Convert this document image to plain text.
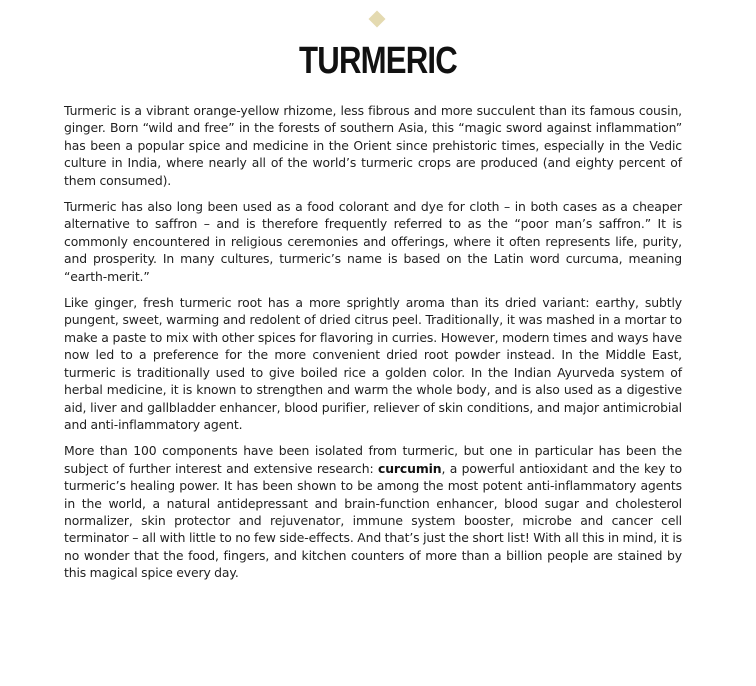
TURMERIC

Turmeric is a vibrant orange-yellow rhizome, less fibrous and more succulent than its famous cousin, ginger. Born “wild and free” in the forests of southern Asia, this “magic sword against inflammation” has been a popular spice and medicine in the Orient since prehistoric times, especially in the Vedic culture in India, where nearly all of the world’s turmeric crops are produced (and eighty percent of them consumed).

Turmeric has also long been used as a food colorant and dye for cloth – in both cases as a cheaper alternative to saffron – and is therefore frequently referred to as the “poor man’s saffron.” It is commonly encountered in religious ceremonies and offerings, where it often represents life, purity, and prosperity. In many cultures, turmeric’s name is based on the Latin word curcuma, meaning “earth-merit.”

Like ginger, fresh turmeric root has a more sprightly aroma than its dried variant: earthy, subtly pungent, sweet, warming and redolent of dried citrus peel. Traditionally, it was mashed in a mortar to make a paste to mix with other spices for flavoring in curries. However, modern times and ways have now led to a preference for the more convenient dried root powder instead. In the Middle East, turmeric is traditionally used to give boiled rice a golden color. In the Indian Ayurveda system of herbal medicine, it is known to strengthen and warm the whole body, and is also used as a digestive aid, liver and gallbladder enhancer, blood purifier, reliever of skin conditions, and major antimicrobial and anti-inflammatory agent.

More than 100 components have been isolated from turmeric, but one in particular has been the subject of further interest and extensive research: curcumin, a powerful antioxidant and the key to turmeric’s healing power. It has been shown to be among the most potent anti-inflammatory agents in the world, a natural antidepressant and brain-function enhancer, blood sugar and cholesterol normalizer, skin protector and rejuvenator, immune system booster, microbe and cancer cell terminator – all with little to no few side-effects. And that’s just the short list! With all this in mind, it is no wonder that the food, fingers, and kitchen counters of more than a billion people are stained by this magical spice every day.
